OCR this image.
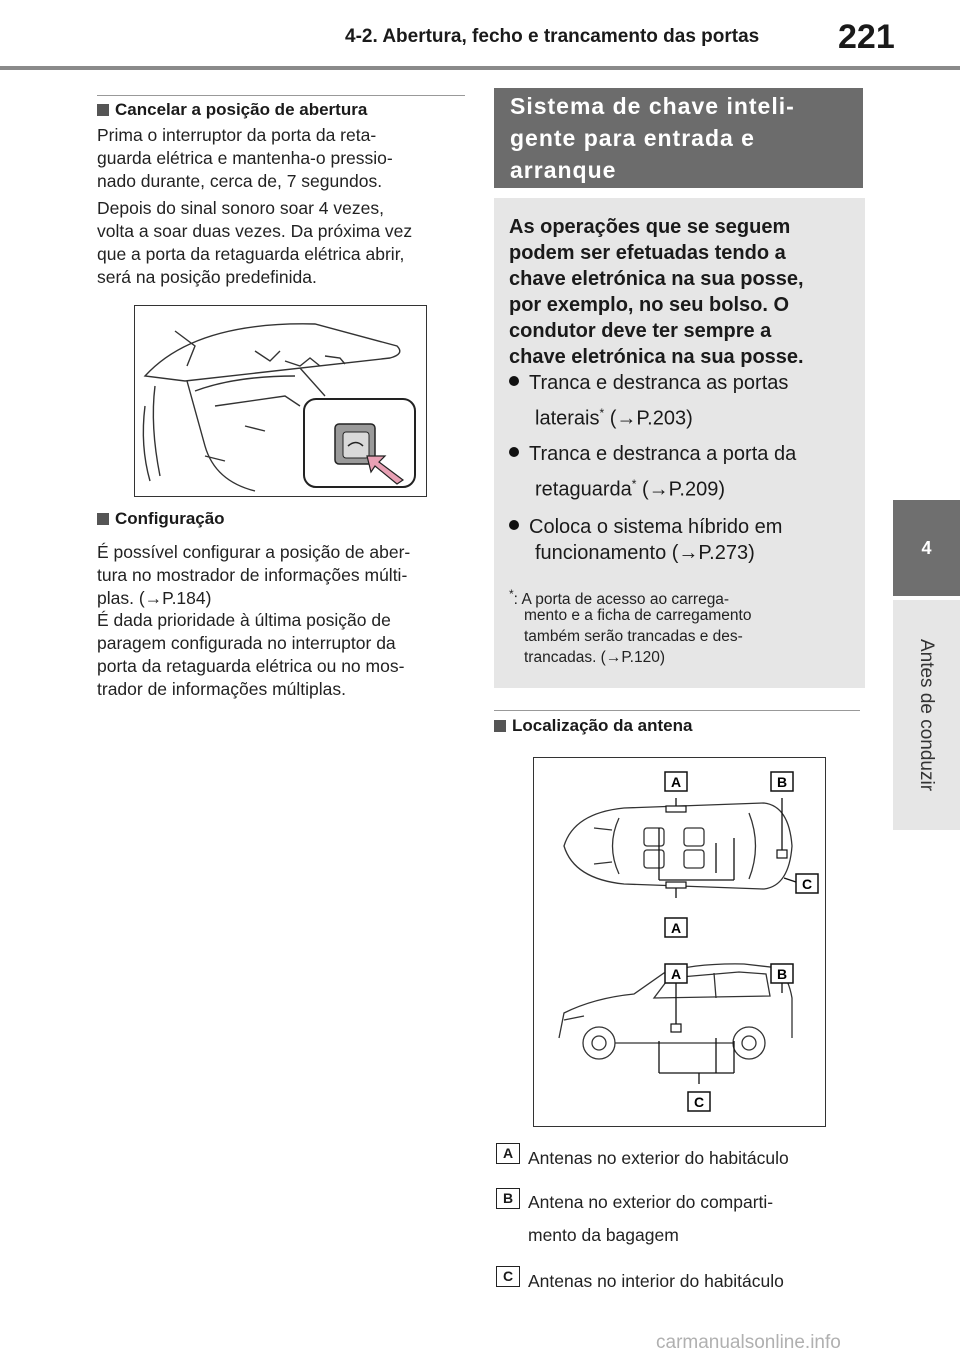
4-2. Abertura, fecho e trancamento das portas 221
4
Antes de conduzir
Cancelar a posição de abertura
Prima o interruptor da porta da reta-
guarda elétrica e mantenha-o pressio-
nado durante, cerca de, 7 segundos.
Depois do sinal sonoro soar 4 vezes,
volta a soar duas vezes. Da próxima vez
que a porta da retaguarda elétrica abrir,
será na posição predefinida.
Configuração
É possível configurar a posição de aber-
tura no mostrador de informações múlti-
plas. (→P.184)
É dada prioridade à última posição de
paragem configurada no interruptor da
porta da retaguarda elétrica ou no mos-
trador de informações múltiplas.
Sistema de chave inteli-
gente para entrada e
arranque
As operações que se seguem
podem ser efetuadas tendo a
chave eletrónica na sua posse,
por exemplo, no seu bolso. O
condutor deve ter sempre a
chave eletrónica na sua posse.
Tranca e destranca as portas
laterais* (→P.203)
Tranca e destranca a porta da
retaguarda* (→P.209)
Coloca o sistema híbrido em
funcionamento (→P.273)
*: A porta de acesso ao carrega-
mento e a ficha de carregamento
também serão trancadas e des-
trancadas. (→P.120)
Localização da antena
A	B
C
A
A	B
C
A Antenas no exterior do habitáculo
B Antena no exterior do comparti-
mento da bagagem
C Antenas no interior do habitáculo
carmanualsonline.info
